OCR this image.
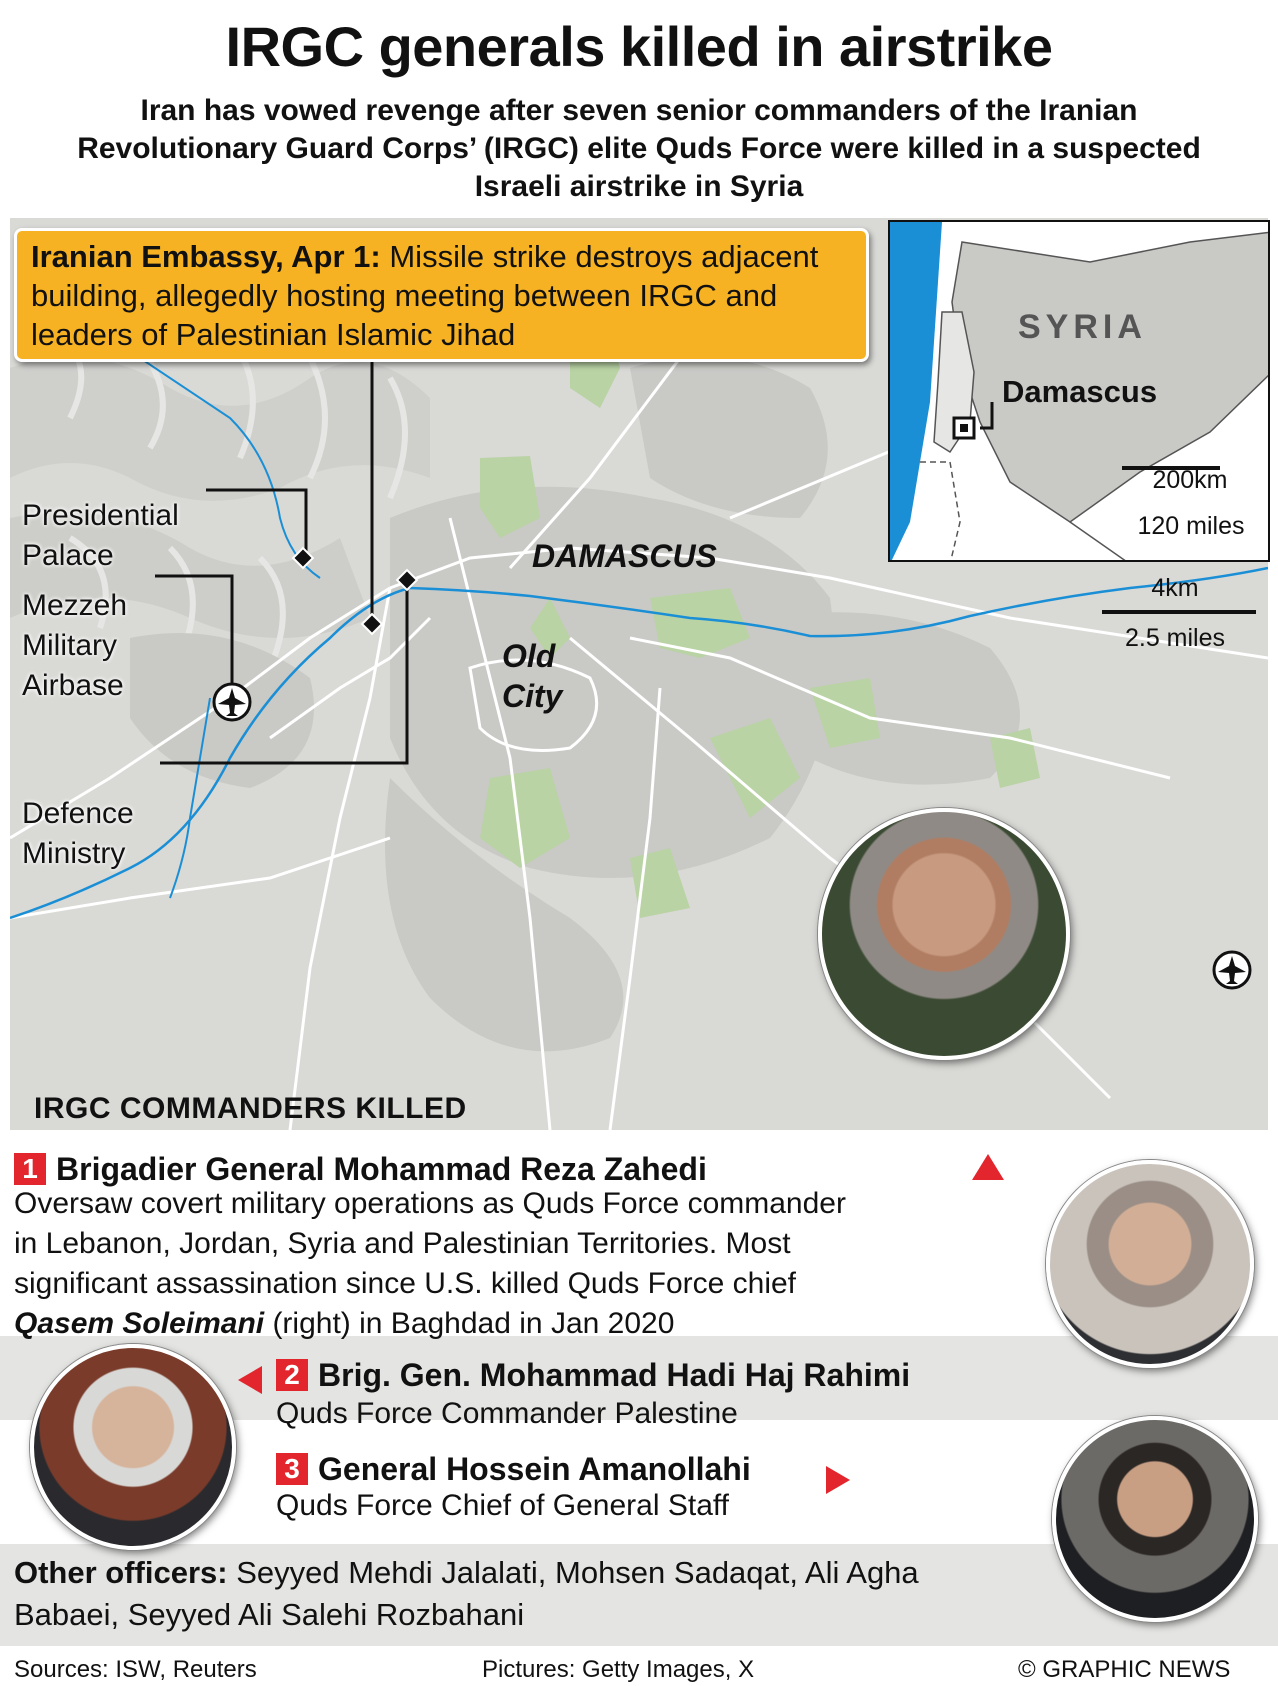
IRGC generals killed in airstrike
Iran has vowed revenge after seven senior commanders of the Iranian Revolutionary Guard Corps’ (IRGC) elite Quds Force were killed in a suspected Israeli airstrike in Syria
Iranian Embassy, Apr 1: Missile strike destroys adjacent building, allegedly hosting meeting between IRGC and leaders of Palestinian Islamic Jihad
Presidential
Palace
Mezzeh
Military
Airbase
Defence
Ministry
DAMASCUS
Old
City
4km
2.5 miles
SYRIA
Damascus
200km
120 miles
IRGC COMMANDERS KILLED
1 Brigadier General Mohammad Reza Zahedi
Oversaw covert military operations as Quds Force commander
in Lebanon, Jordan, Syria and Palestinian Territories. Most
significant assassination since U.S. killed Quds Force chief
Qasem Soleimani (right) in Baghdad in Jan 2020
2 Brig. Gen. Mohammad Hadi Haj Rahimi
Quds Force Commander Palestine
3 General Hossein Amanollahi
Quds Force Chief of General Staff
Other officers: Seyyed Mehdi Jalalati, Mohsen Sadaqat, Ali Agha Babaei, Seyyed Ali Salehi Rozbahani
Sources: ISW, Reuters	Pictures: Getty Images, X	© GRAPHIC NEWS
